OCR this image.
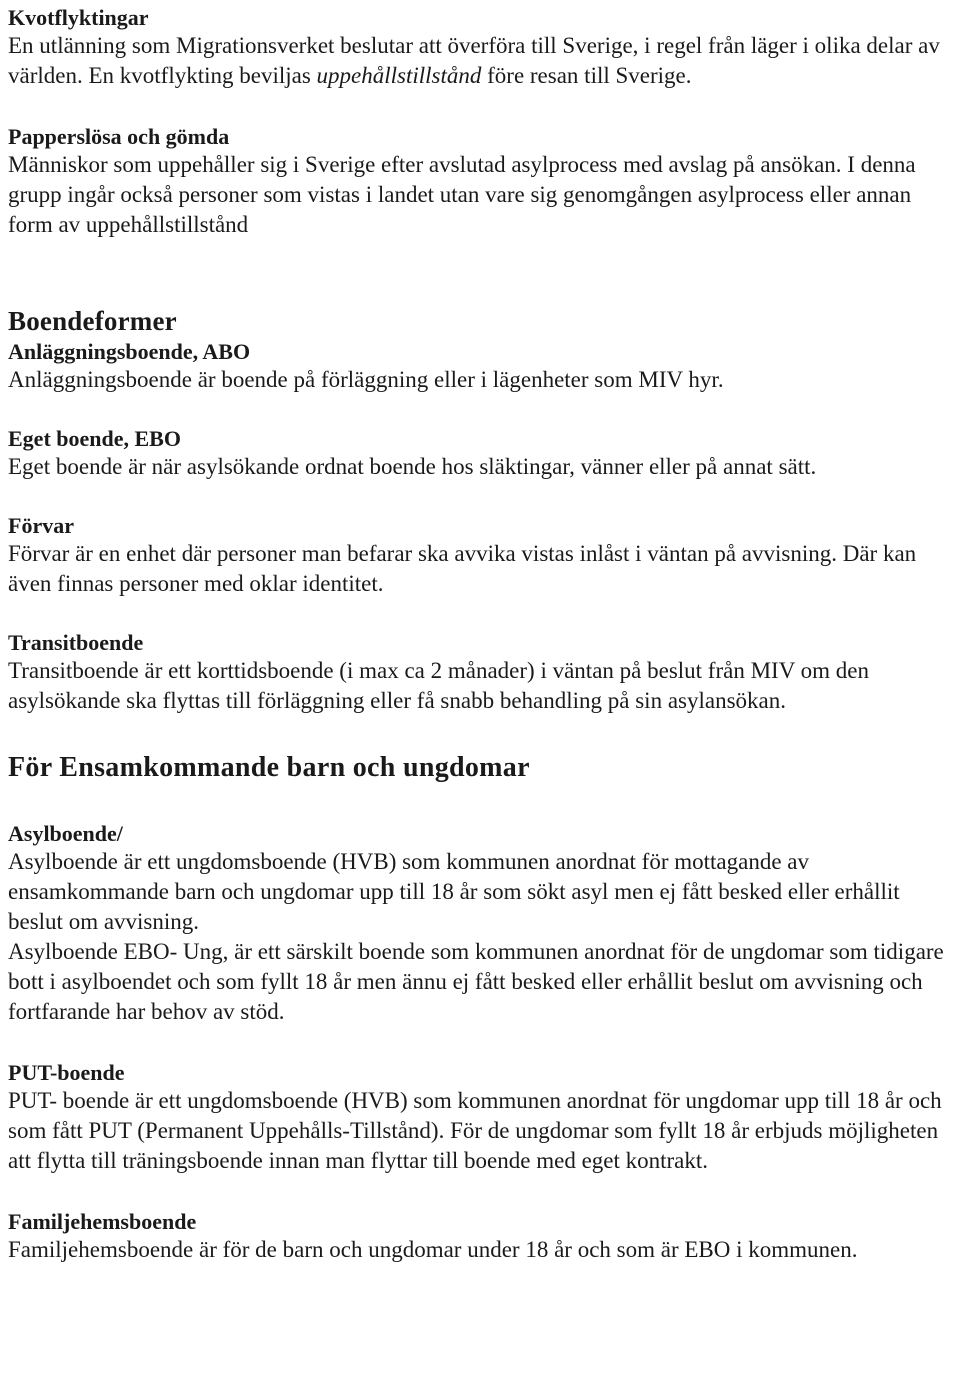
Kvotflyktingar
En utlänning som Migrationsverket beslutar att överföra till Sverige, i regel från läger i olika delar av världen. En kvotflykting beviljas uppehållstillstånd före resan till Sverige.
Papperslösa och gömda
Människor som uppehåller sig i Sverige efter avslutad asylprocess med avslag på ansökan. I denna grupp ingår också personer som vistas i landet utan vare sig genomgången asylprocess eller annan form av uppehållstillstånd
Boendeformer
Anläggningsboende, ABO
Anläggningsboende är boende på förläggning eller i lägenheter som MIV hyr.
Eget boende, EBO
Eget boende är när asylsökande ordnat boende hos släktingar, vänner eller på annat sätt.
Förvar
Förvar är en enhet där personer man befarar ska avvika vistas inlåst i väntan på avvisning. Där kan även finnas personer med oklar identitet.
Transitboende
Transitboende är ett korttidsboende (i max ca 2 månader) i väntan på beslut från MIV om den asylsökande ska flyttas till förläggning eller få snabb behandling på sin asylansökan.
För Ensamkommande barn och ungdomar
Asylboende/
Asylboende är ett ungdomsboende (HVB) som kommunen anordnat för mottagande av ensamkommande barn och ungdomar upp till 18 år som sökt asyl men ej fått besked eller erhållit beslut om avvisning.
Asylboende EBO- Ung, är ett särskilt boende som kommunen anordnat för de ungdomar som tidigare bott i asylboendet och som fyllt 18 år men ännu ej fått besked eller erhållit beslut om avvisning och fortfarande har behov av stöd.
PUT-boende
PUT- boende är ett ungdomsboende (HVB) som kommunen anordnat för ungdomar upp till 18 år och som fått PUT (Permanent Uppehålls-Tillstånd). För de ungdomar som fyllt 18 år erbjuds möjligheten att flytta till träningsboende innan man flyttar till boende med eget kontrakt.
Familjehemsboende
Familjehemsboende är för de barn och ungdomar under 18 år och som är EBO i kommunen.
